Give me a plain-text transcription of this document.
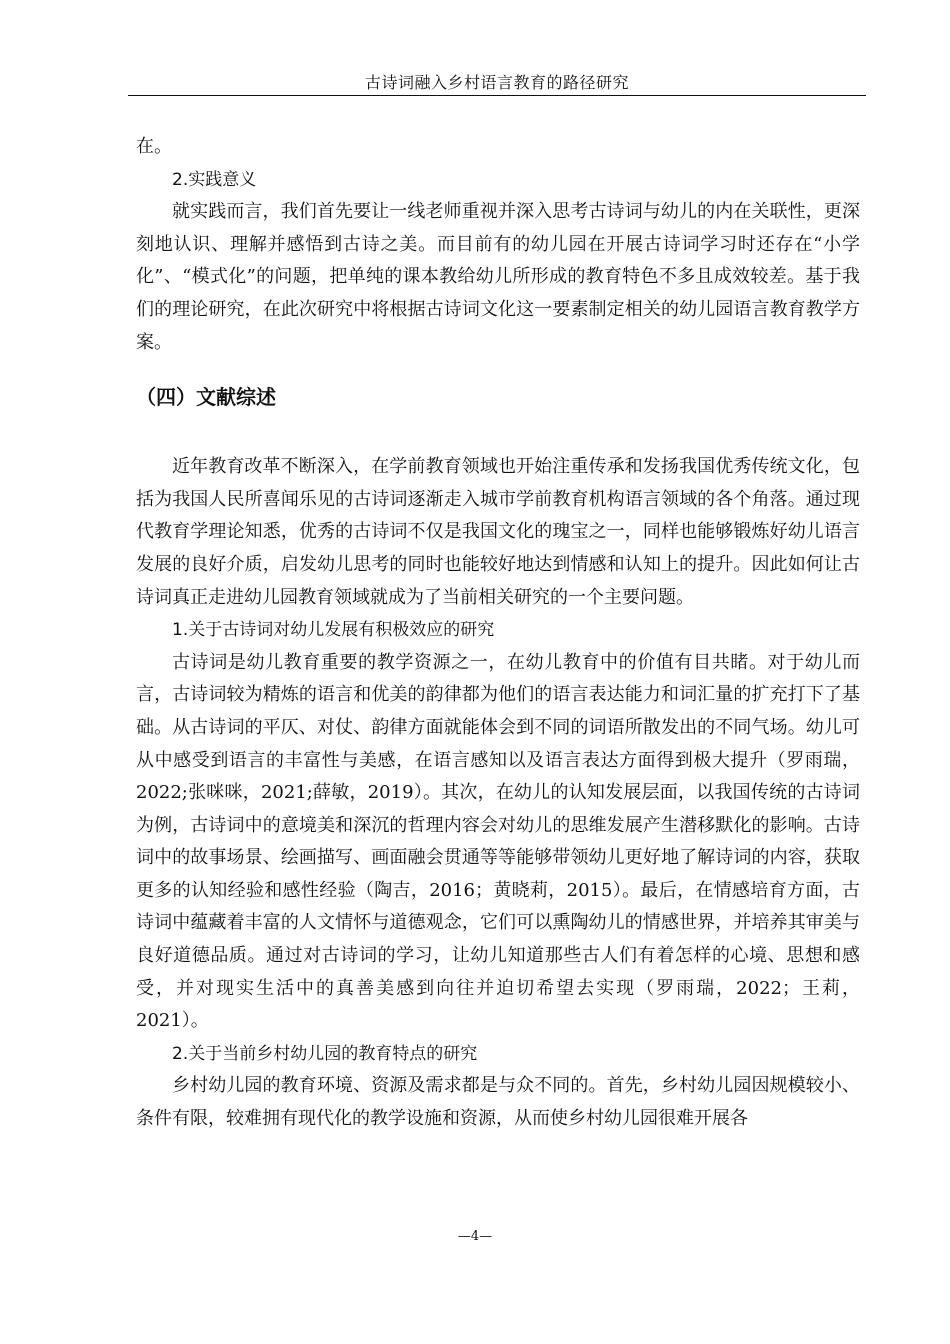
古诗词融入乡村语言教育的路径研究

在。

2.实践意义

就实践而言，我们首先要让一线老师重视并深入思考古诗词与幼儿的内在关联性，更深刻地认识、理解并感悟到古诗之美。而目前有的幼儿园在开展古诗词学习时还存在“小学化”、“模式化”的问题，把单纯的课本教给幼儿所形成的教育特色不多且成效较差。基于我们的理论研究，在此次研究中将根据古诗词文化这一要素制定相关的幼儿园语言教育教学方案。

（四）文献综述

近年教育改革不断深入，在学前教育领域也开始注重传承和发扬我国优秀传统文化，包括为我国人民所喜闻乐见的古诗词逐渐走入城市学前教育机构语言领域的各个角落。通过现代教育学理论知悉，优秀的古诗词不仅是我国文化的瑰宝之一，同样也能够锻炼好幼儿语言发展的良好介质，启发幼儿思考的同时也能较好地达到情感和认知上的提升。因此如何让古诗词真正走进幼儿园教育领域就成为了当前相关研究的一个主要问题。

1.关于古诗词对幼儿发展有积极效应的研究

古诗词是幼儿教育重要的教学资源之一，在幼儿教育中的价值有目共睹。对于幼儿而言，古诗词较为精炼的语言和优美的韵律都为他们的语言表达能力和词汇量的扩充打下了基础。从古诗词的平仄、对仗、韵律方面就能体会到不同的词语所散发出的不同气场。幼儿可从中感受到语言的丰富性与美感，在语言感知以及语言表达方面得到极大提升（罗雨瑞，2022;张咪咪，2021;薛敏，2019）。其次，在幼儿的认知发展层面，以我国传统的古诗词为例，古诗词中的意境美和深沉的哲理内容会对幼儿的思维发展产生潜移默化的影响。古诗词中的故事场景、绘画描写、画面融会贯通等等能够带领幼儿更好地了解诗词的内容，获取更多的认知经验和感性经验（陶吉，2016；黄晓莉，2015）。最后，在情感培育方面，古诗词中蕴藏着丰富的人文情怀与道德观念，它们可以熏陶幼儿的情感世界，并培养其审美与良好道德品质。通过对古诗词的学习，让幼儿知道那些古人们有着怎样的心境、思想和感受，并对现实生活中的真善美感到向往并迫切希望去实现（罗雨瑞，2022；王莉，2021）。

2.关于当前乡村幼儿园的教育特点的研究

乡村幼儿园的教育环境、资源及需求都是与众不同的。首先，乡村幼儿园因规模较小、条件有限，较难拥有现代化的教学设施和资源，从而使乡村幼儿园很难开展各

—4—
